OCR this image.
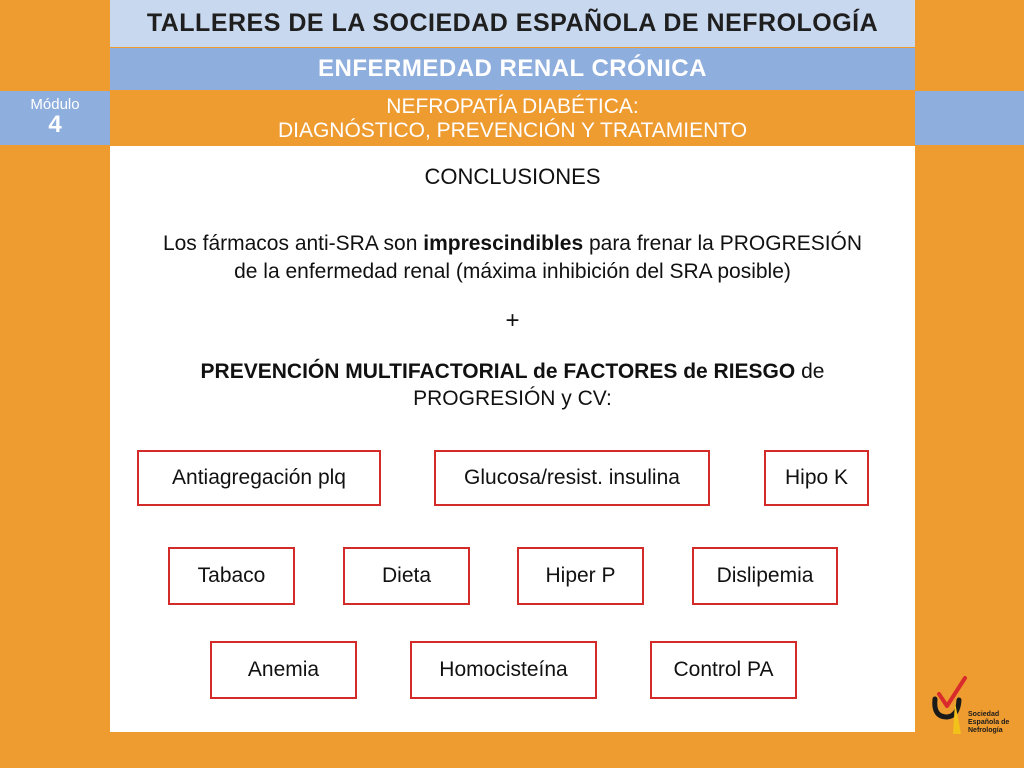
TALLERES DE LA SOCIEDAD ESPAÑOLA DE NEFROLOGÍA
ENFERMEDAD RENAL CRÓNICA
Módulo
4
NEFROPATÍA DIABÉTICA:
DIAGNÓSTICO, PREVENCIÓN Y TRATAMIENTO
CONCLUSIONES
Los fármacos anti-SRA son imprescindibles para frenar la PROGRESIÓN
de la enfermedad renal (máxima inhibición del SRA posible)
+
PREVENCIÓN MULTIFACTORIAL de FACTORES de RIESGO de
PROGRESIÓN y CV:
Antiagregación plq	Glucosa/resist. insulina	Hipo K
Tabaco	Dieta	Hiper P	Dislipemia
Anemia	Homocisteína	Control PA
Sociedad
Española de
Nefrología
